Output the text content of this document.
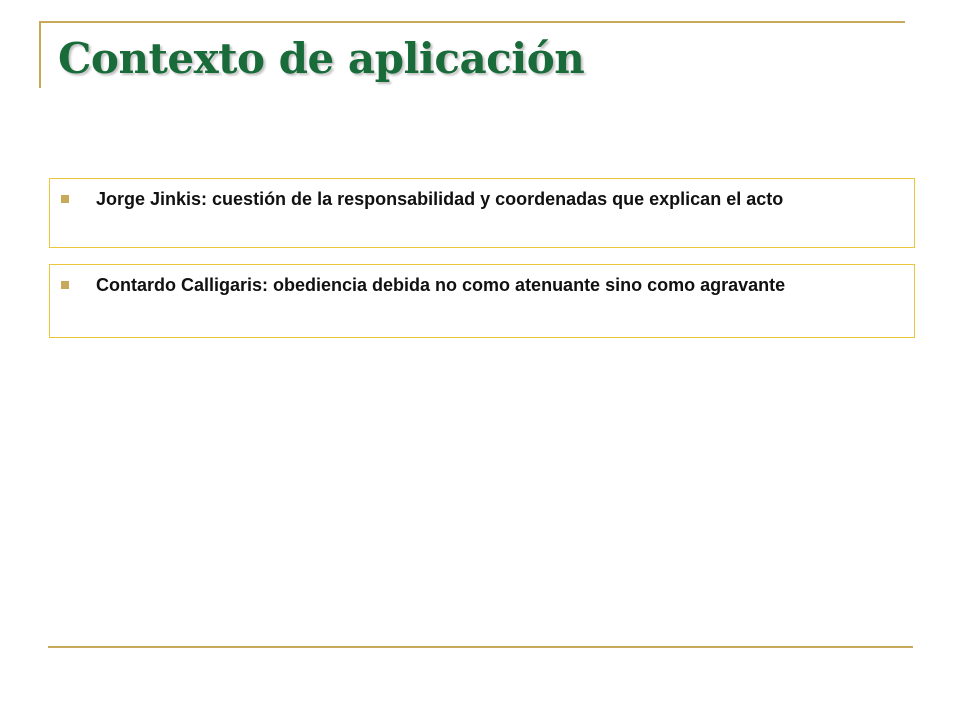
Contexto de aplicación

Jorge Jinkis: cuestión de la responsabilidad y coordenadas que explican el acto

Contardo Calligaris: obediencia debida no como atenuante sino como agravante
